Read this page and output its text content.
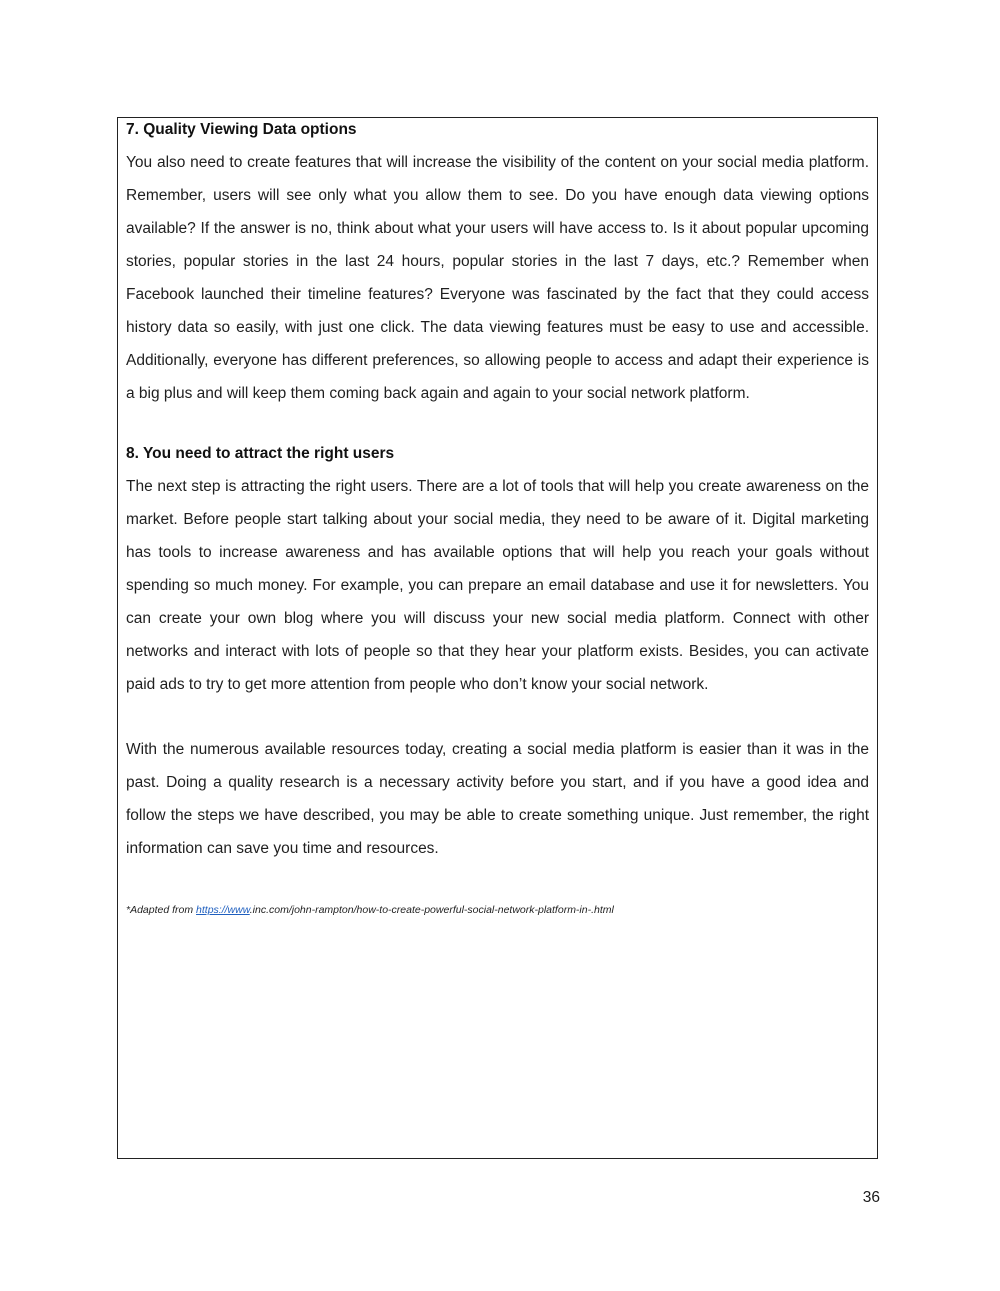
7. Quality Viewing Data options

You also need to create features that will increase the visibility of the content on your social media platform. Remember, users will see only what you allow them to see. Do you have enough data viewing options available? If the answer is no, think about what your users will have access to. Is it about popular upcoming stories, popular stories in the last 24 hours, popular stories in the last 7 days, etc.? Remember when Facebook launched their timeline features? Everyone was fascinated by the fact that they could access history data so easily, with just one click. The data viewing features must be easy to use and accessible. Additionally, everyone has different preferences, so allowing people to access and adapt their experience is a big plus and will keep them coming back again and again to your social network platform.

8. You need to attract the right users

The next step is attracting the right users. There are a lot of tools that will help you create awareness on the market. Before people start talking about your social media, they need to be aware of it. Digital marketing has tools to increase awareness and has available options that will help you reach your goals without spending so much money. For example, you can prepare an email database and use it for newsletters. You can create your own blog where you will discuss your new social media platform. Connect with other networks and interact with lots of people so that they hear your platform exists. Besides, you can activate paid ads to try to get more attention from people who don’t know your social network.

With the numerous available resources today, creating a social media platform is easier than it was in the past. Doing a quality research is a necessary activity before you start, and if you have a good idea and follow the steps we have described, you may be able to create something unique. Just remember, the right information can save you time and resources.

*Adapted from https://www.inc.com/john-rampton/how-to-create-powerful-social-network-platform-in-.html

36
